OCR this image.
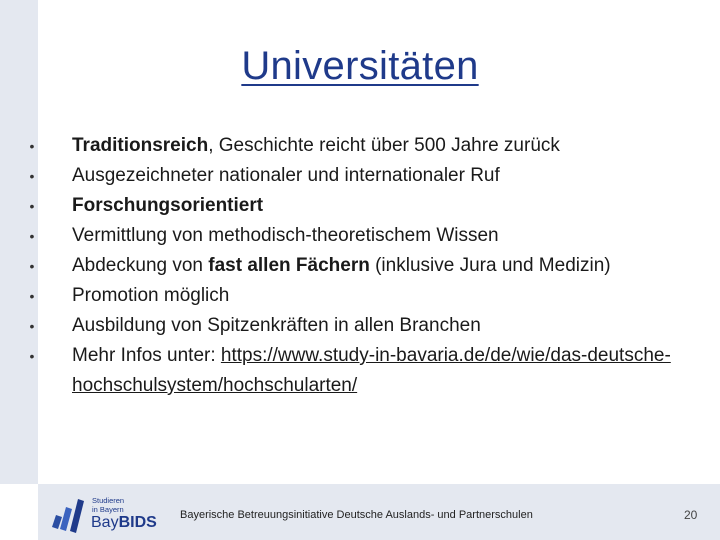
Universitäten
•	Traditionsreich, Geschichte reicht über 500 Jahre zurück
•	Ausgezeichneter nationaler und internationaler Ruf
•	Forschungsorientiert
•	Vermittlung von methodisch-theoretischem Wissen
•	Abdeckung von fast allen Fächern (inklusive Jura und Medizin)
•	Promotion möglich
•	Ausbildung von Spitzenkräften in allen Branchen
•	Mehr Infos unter: https://www.study-in-bavaria.de/de/wie/das-deutsche-hochschulsystem/hochschularten/
Studieren
in Bayern
BayBIDS Bayerische Betreuungsinitiative Deutsche Auslands- und Partnerschulen	20
